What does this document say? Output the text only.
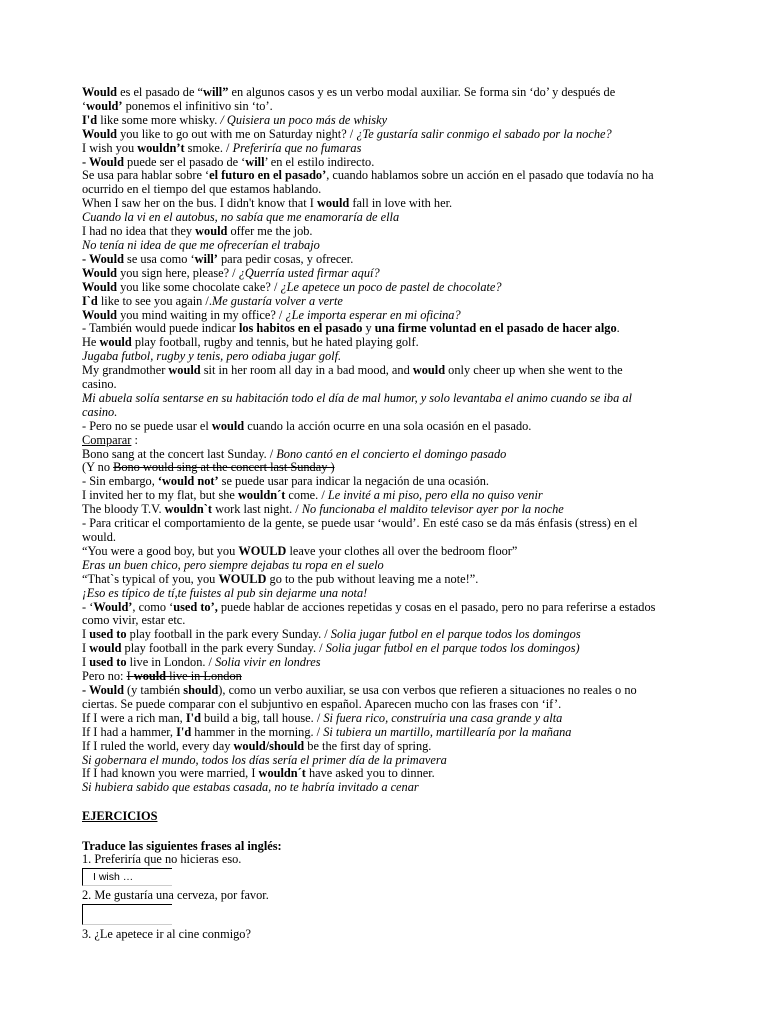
Would es el pasado de “will” en algunos casos y es un verbo modal auxiliar. Se forma sin ‘do’ y después de

‘would’ ponemos el infinitivo sin ‘to’.

I'd like some more whisky. / Quisiera un poco más de whisky

Would you like to go out with me on Saturday night? / ¿Te gustaría salir conmigo el sabado por la noche?

I wish you wouldn’t smoke. / Preferiría que no fumaras

- Would puede ser el pasado de ‘will’ en el estilo indirecto.

Se usa para hablar sobre ‘el futuro en el pasado’, cuando hablamos sobre un acción en el pasado que todavía no ha

ocurrido en el tiempo del que estamos hablando.

When I saw her on the bus. I didn't know that I would fall in love with her.

Cuando la vi en el autobus, no sabía que me enamoraría de ella

I had no idea that they would offer me the job.

No tenía ni idea de que me ofrecerían el trabajo

- Would se usa como ‘will’ para pedir cosas, y ofrecer.

Would you sign here, please? / ¿Querría usted firmar aquí?

Would you like some chocolate cake? / ¿Le apetece un poco de pastel de chocolate?

I`d like to see you again /.Me gustaría volver a verte

Would you mind waiting in my office? / ¿Le importa esperar en mi oficina?

- También would puede indicar los habitos en el pasado y una firme voluntad en el pasado de hacer algo.

He would play football, rugby and tennis, but he hated playing golf.

Jugaba futbol, rugby y tenis, pero odiaba jugar golf.

My grandmother would sit in her room all day in a bad mood, and would only cheer up when she went to the

casino.

Mi abuela solía sentarse en su habitación todo el día de mal humor, y solo levantaba el animo cuando se iba al

casino.

- Pero no se puede usar el would cuando la acción ocurre en una sola ocasión en el pasado.

Comparar :

Bono sang at the concert last Sunday. / Bono cantó en el concierto el domingo pasado

(Y no Bono would sing at the concert last Sunday )

- Sin embargo, ‘would not’ se puede usar para indicar la negación de una ocasión.

I invited her to my flat, but she wouldn´t come. / Le invité a mi piso, pero ella no quiso venir

The bloody T.V. wouldn`t work last night. / No funcionaba el maldito televisor ayer por la noche

- Para criticar el comportamiento de la gente, se puede usar ‘would’. En esté caso se da más énfasis (stress) en el

would.

“You were a good boy, but you WOULD leave your clothes all over the bedroom floor”

Eras un buen chico, pero siempre dejabas tu ropa en el suelo

“That`s typical of you, you WOULD go to the pub without leaving me a note!”.

¡Eso es típico de tí,te fuistes al pub sin dejarme una nota!

- ‘Would’, como ‘used to’, puede hablar de acciones repetidas y cosas en el pasado, pero no para referirse a estados

como vivir, estar etc.

I used to play football in the park every Sunday. / Solia jugar futbol en el parque todos los domingos

I would play football in the park every Sunday. / Solia jugar futbol en el parque todos los domingos)

I used to live in London. / Solia vivir en londres

Pero no: I would live in London

- Would (y también should), como un verbo auxiliar, se usa con verbos que refieren a situaciones no reales o no

ciertas. Se puede comparar con el subjuntivo en español. Aparecen mucho con las frases con ‘if’.

If I were a rich man, I'd build a big, tall house. / Si fuera rico, construíria una casa grande y alta

If I had a hammer, I'd hammer in the morning. / Si tubiera un martillo, martillearía por la mañana

If I ruled the world, every day would/should be the first day of spring.

Si gobernara el mundo, todos los días sería el primer día de la primavera

If I had known you were married, I wouldn´t have asked you to dinner.

Si hubiera sabido que estabas casada, no te habría invitado a cenar

EJERCICIOS
Traduce las siguientes frases al inglés:

1. Preferiría que no hicieras eso.

I wish …

2. Me gustaría una cerveza, por favor.

3. ¿Le apetece ir al cine conmigo?
